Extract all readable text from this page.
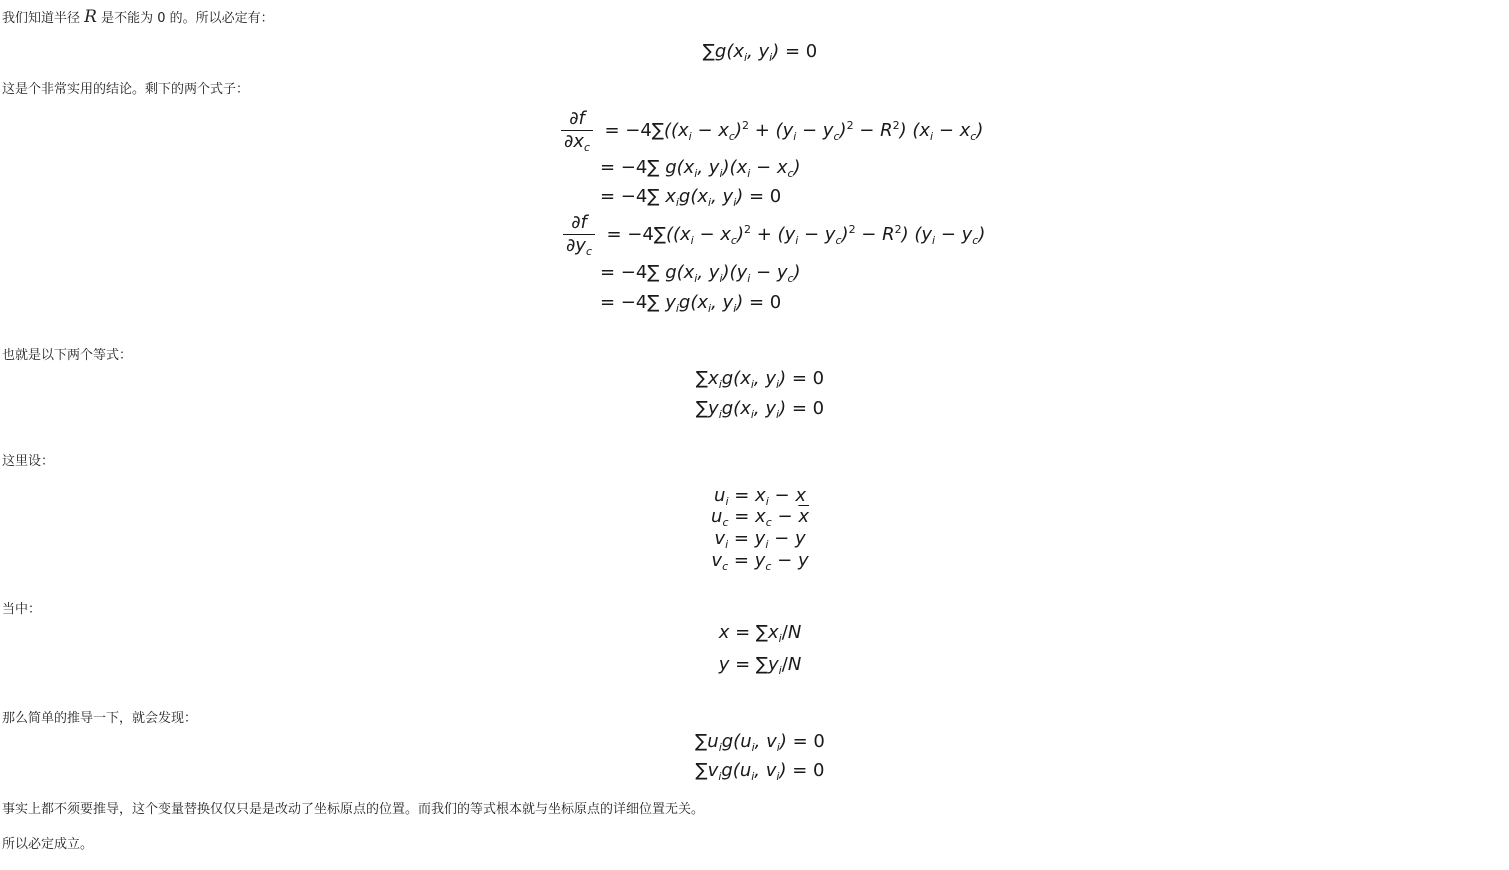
我们知道半径 R 是不能为 0 的。所以必定有：
$\sum g(x_i$, $y_i) = 0$
这是个非常实用的结论。剩下的两个式子：
$\frac{\partial f}{\partial x_c} = -4\sum((x_i - x_c)^2 + (y_i - y_c)^2 - R^2) (x_i - x_c)$
= −4∑ $g(x_i$, $y_i)(x_i - x_c)$
= −4∑ $x_ig(x_i$, $y_i) = 0$
$\frac{\partial f}{\partial y_c} = -4\sum((x_i - x_c)^2 + (y_i - y_c)^2 - R^2) (y_i - y_c)$
= −4∑ $g(x_i$, $y_i)(y_i - y_c)$
= −4∑ $y_ig(x_i$, $y_i) = 0$
也就是以下两个等式：
$\sum x_ig(x_i$, $y_i) = 0$
$\sum y_ig(x_i$, $y_i) = 0$
这里设：
$u_i = x_i - x$
$u_c = x_c - \overline{x}$
$v_i = y_i - y$
$v_c = y_c - y$
当中：
$x = \sum x_i/N$
$y = \sum y_i/N$
那么简单的推导一下，就会发现：
$\sum u_ig(u_i$, $v_i) = 0$
$\sum v_ig(u_i$, $v_i) = 0$
事实上都不须要推导，这个变量替换仅仅只是是改动了坐标原点的位置。而我们的等式根本就与坐标原点的详细位置无关。
所以必定成立。
